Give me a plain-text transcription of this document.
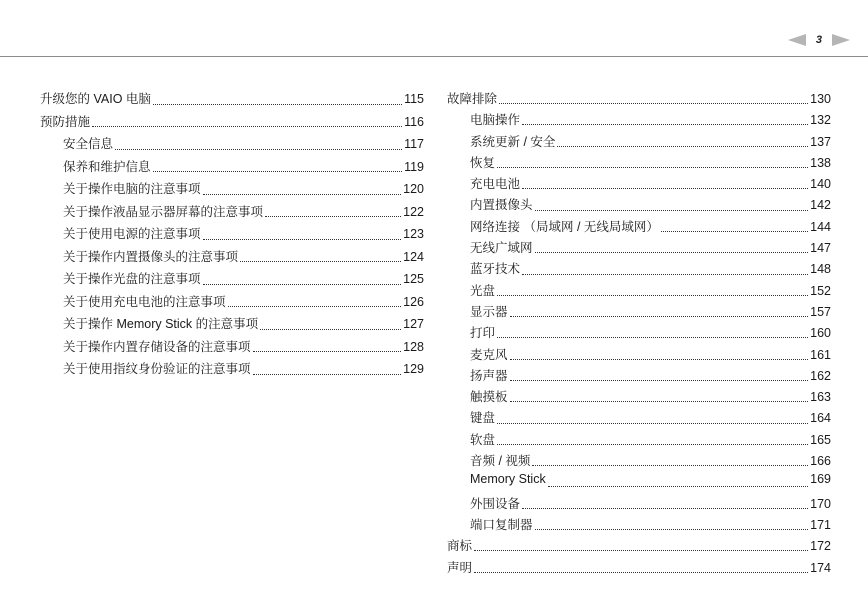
3
升级您的 VAIO 电脑	115
预防措施	116
安全信息	117
保养和维护信息	119
关于操作电脑的注意事项	120
关于操作液晶显示器屏幕的注意事项	122
关于使用电源的注意事项	123
关于操作内置摄像头的注意事项	124
关于操作光盘的注意事项	125
关于使用充电电池的注意事项	126
关于操作 Memory Stick 的注意事项	127
关于操作内置存储设备的注意事项	128
关于使用指纹身份验证的注意事项	129
故障排除	130
电脑操作	132
系统更新 / 安全	137
恢复	138
充电电池	140
内置摄像头	142
网络连接 （局域网 / 无线局域网）	144
无线广域网	147
蓝牙技术	148
光盘	152
显示器	157
打印	160
麦克风	161
扬声器	162
触摸板	163
键盘	164
软盘	165
音频 / 视频	166
Memory Stick	169
外围设备	170
端口复制器	171
商标	172
声明	174
